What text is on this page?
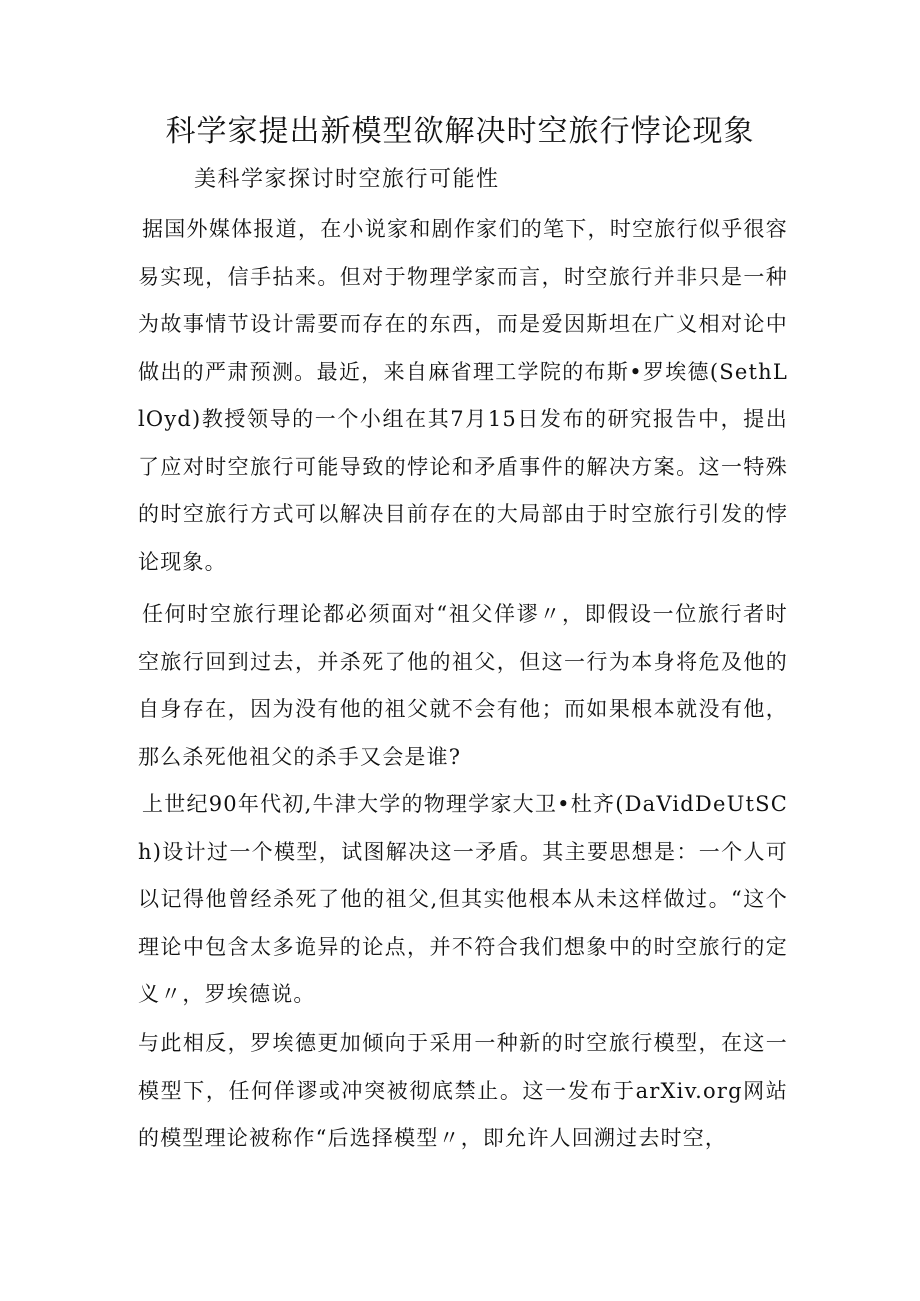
科学家提出新模型欲解决时空旅行悖论现象
美科学家探讨时空旅行可能性

据国外媒体报道，在小说家和剧作家们的笔下，时空旅行似乎很容易实现，信手拈来。但对于物理学家而言，时空旅行并非只是一种为故事情节设计需要而存在的东西，而是爱因斯坦在广义相对论中做出的严肃预测。最近，来自麻省理工学院的布斯•罗埃德(SethLlOyd)教授领导的一个小组在其7月15日发布的研究报告中，提出了应对时空旅行可能导致的悖论和矛盾事件的解决方案。这一特殊的时空旅行方式可以解决目前存在的大局部由于时空旅行引发的悖论现象。

任何时空旅行理论都必须面对“祖父佯谬〃，即假设一位旅行者时空旅行回到过去，并杀死了他的祖父，但这一行为本身将危及他的自身存在，因为没有他的祖父就不会有他；而如果根本就没有他，那么杀死他祖父的杀手又会是谁?

上世纪90年代初,牛津大学的物理学家大卫•杜齐(DaVidDeUtSCh)设计过一个模型，试图解决这一矛盾。其主要思想是：一个人可以记得他曾经杀死了他的祖父,但其实他根本从未这样做过。“这个理论中包含太多诡异的论点，并不符合我们想象中的时空旅行的定义〃，罗埃德说。

与此相反，罗埃德更加倾向于采用一种新的时空旅行模型，在这一模型下，任何佯谬或冲突被彻底禁止。这一发布于arXiv.org网站的模型理论被称作“后选择模型〃，即允许人回溯过去时空，
